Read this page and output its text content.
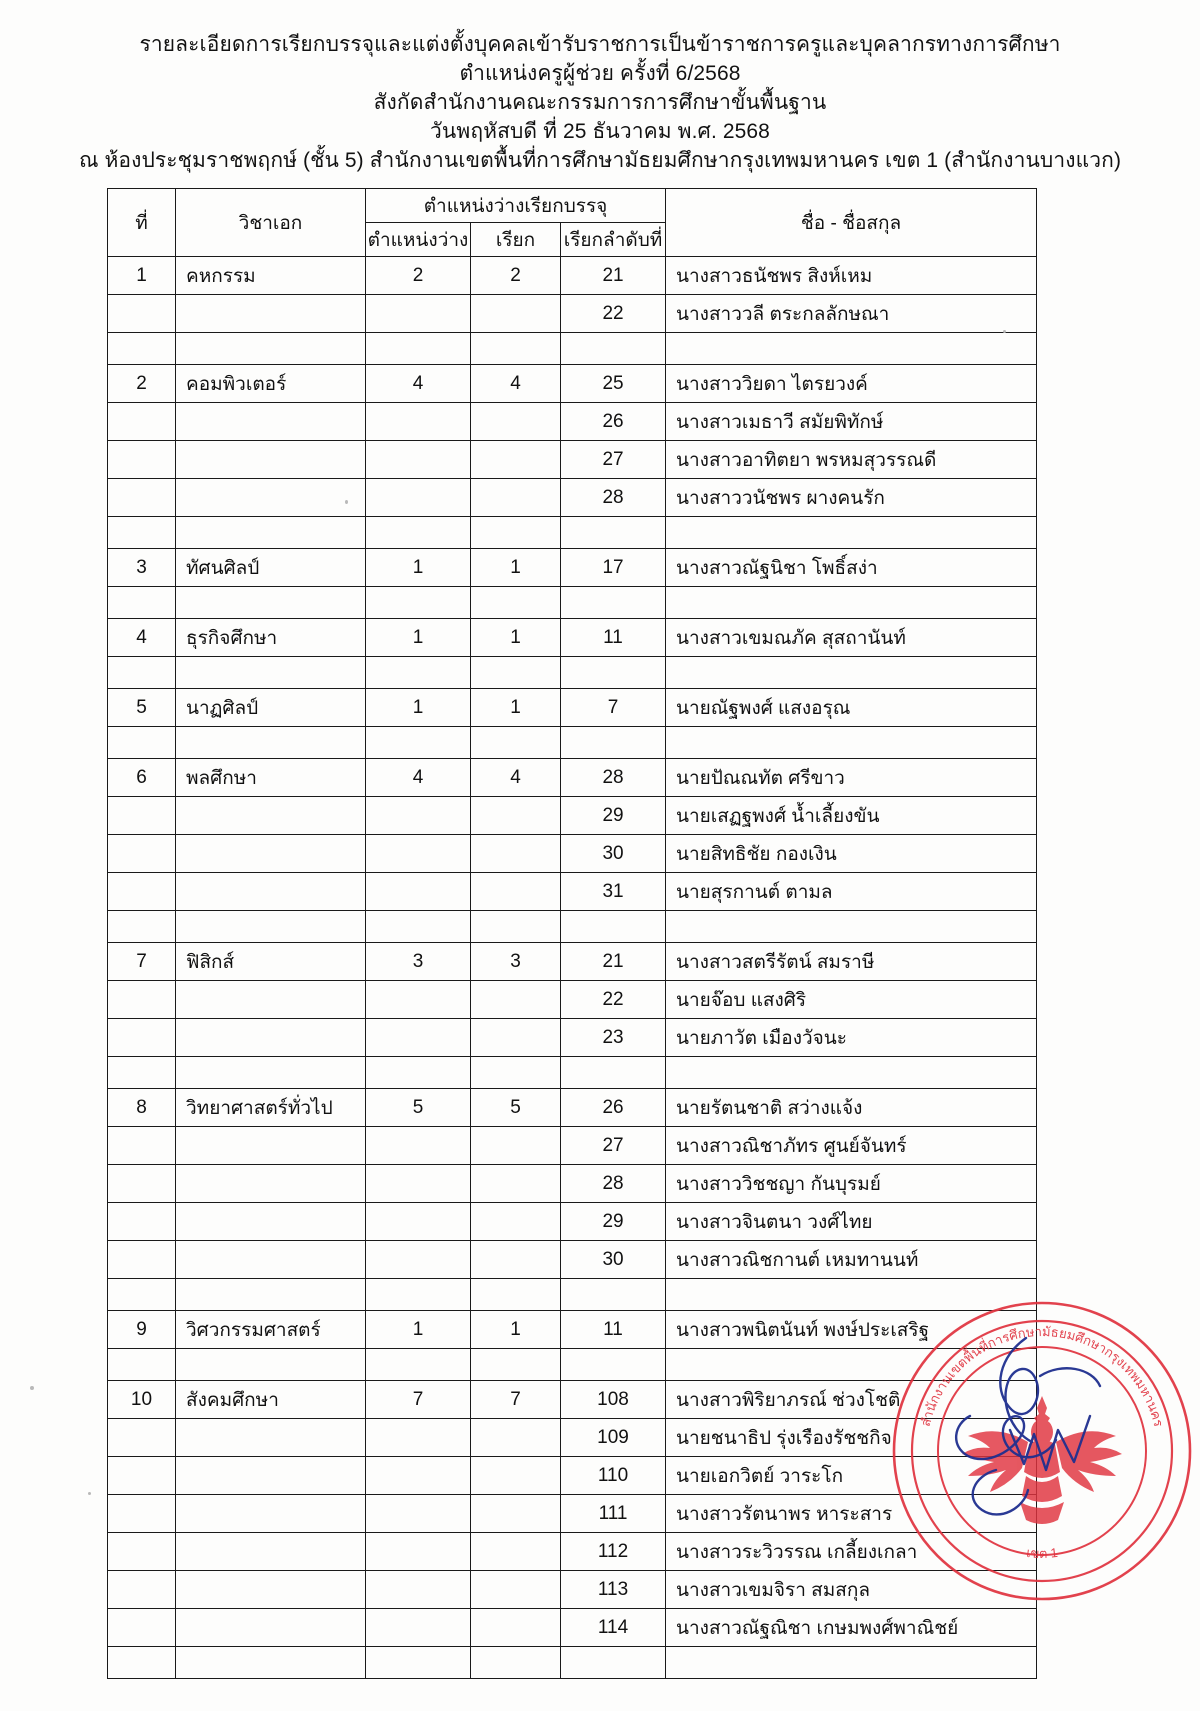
รายละเอียดการเรียกบรรจุและแต่งตั้งบุคคลเข้ารับราชการเป็นข้าราชการครูและบุคลากรทางการศึกษา
ตำแหน่งครูผู้ช่วย ครั้งที่ 6/2568
สังกัดสำนักงานคณะกรรมการการศึกษาขั้นพื้นฐาน
วันพฤหัสบดี ที่ 25 ธันวาคม พ.ศ. 2568
ณ ห้องประชุมราชพฤกษ์ (ชั้น 5) สำนักงานเขตพื้นที่การศึกษามัธยมศึกษากรุงเทพมหานคร เขต 1 (สำนักงานบางแวก)
ที่	วิชาเอก	ตำแหน่งว่างเรียกบรรจุ			ชื่อ - ชื่อสกุล
		ตำแหน่งว่าง	เรียก	เรียกลำดับที่	
1	คหกรรม	2	2	21	นางสาวธนัชพร สิงห์เหม
				22	นางสาววลี ตระกลลักษณา

2	คอมพิวเตอร์	4	4	25	นางสาววิยดา ไตรยวงค์
				26	นางสาวเมธาวี สมัยพิทักษ์
				27	นางสาวอาทิตยา พรหมสุวรรณดี
				28	นางสาววนัชพร ผางคนรัก

3	ทัศนศิลป์	1	1	17	นางสาวณัฐนิชา โพธิ์สง่า

4	ธุรกิจศึกษา	1	1	11	นางสาวเขมณภัค สุสถานันท์

5	นาฏศิลป์	1	1	7	นายณัฐพงศ์ แสงอรุณ

6	พลศึกษา	4	4	28	นายปัณณทัต ศรีขาว
				29	นายเสฏฐพงศ์ น้ำเลี้ยงขัน
				30	นายสิทธิชัย กองเงิน
				31	นายสุรกานต์ ตามล

7	ฟิสิกส์	3	3	21	นางสาวสตรีรัตน์ สมราษี
				22	นายจ๊อบ แสงศิริ
				23	นายภาวัต เมืองวัจนะ

8	วิทยาศาสตร์ทั่วไป	5	5	26	นายรัตนชาติ สว่างแจ้ง
				27	นางสาวณิชาภัทร ศูนย์จันทร์
				28	นางสาววิชชญา กันบุรมย์
				29	นางสาวจินตนา วงศ์ไทย
				30	นางสาวณิชกานต์ เหมทานนท์

9	วิศวกรรมศาสตร์	1	1	11	นางสาวพนิตนันท์ พงษ์ประเสริฐ

10	สังคมศึกษา	7	7	108	นางสาวพิริยาภรณ์ ช่วงโชติ
				109	นายชนาธิป รุ่งเรืองรัชชกิจ
				110	นายเอกวิตย์ วาระโก
				111	นางสาวรัตนาพร หาระสาร
				112	นางสาวระวิวรรณ เกลี้ยงเกลา
				113	นางสาวเขมจิรา สมสกุล
				114	นางสาวณัฐณิชา เกษมพงศ์พาณิชย์

สำนักงานเขตพื้นที่การศึกษามัธยมศึกษากรุงเทพมหานคร
เขต 1
